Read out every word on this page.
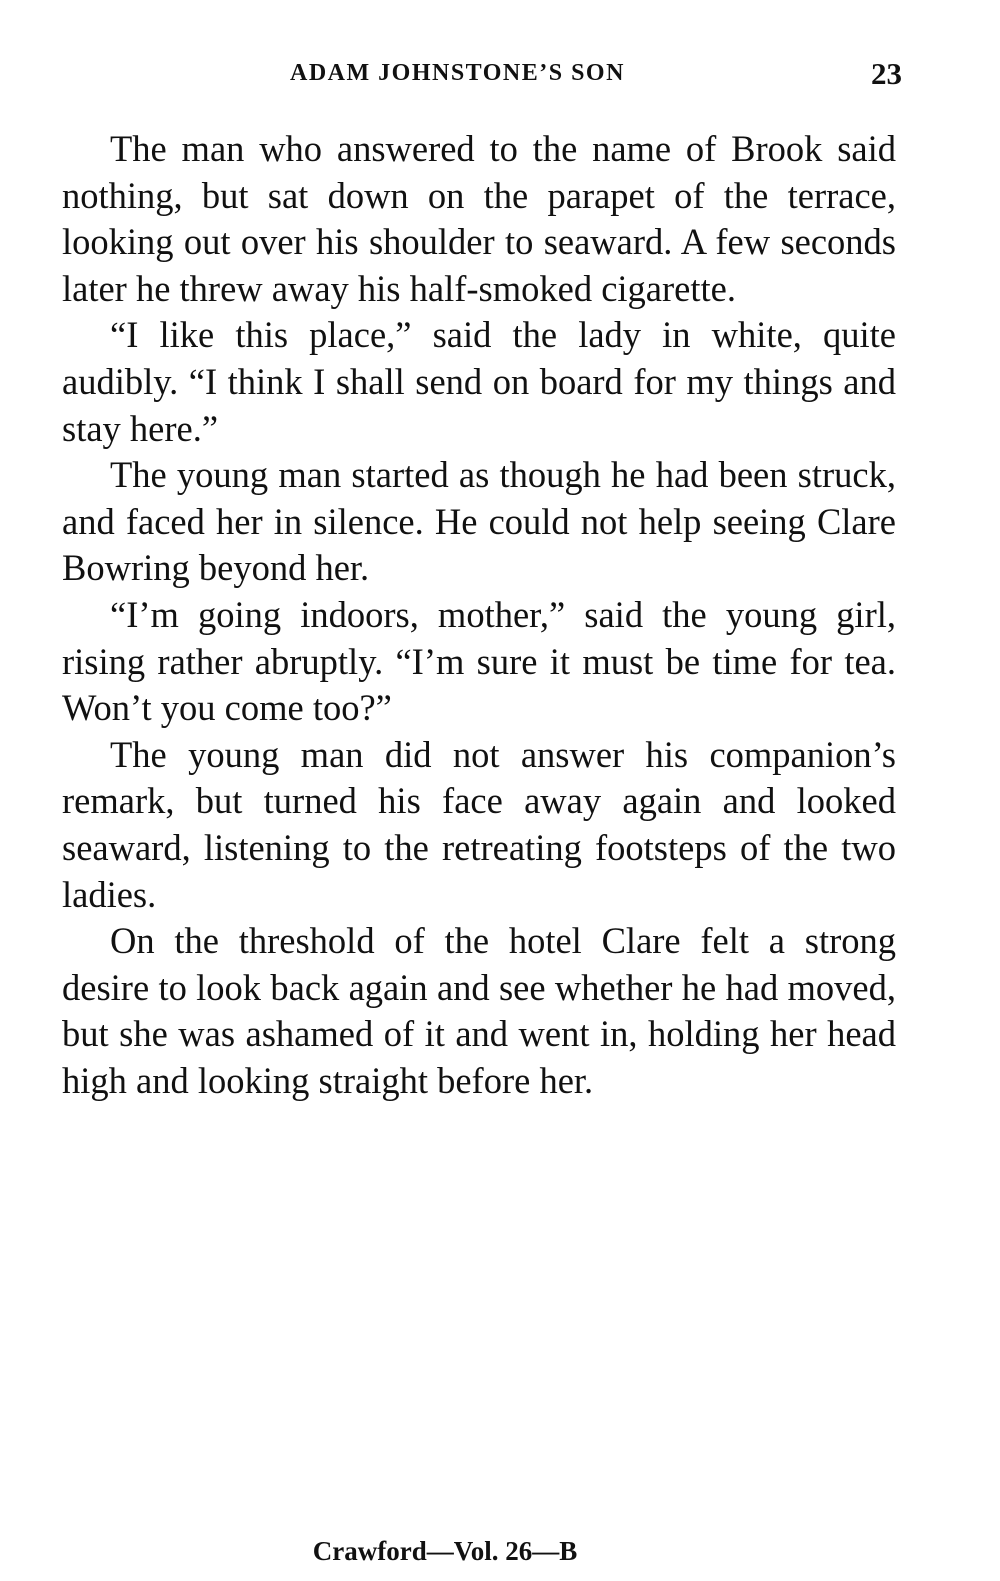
ADAM JOHNSTONE’S SON	23

The man who answered to the name of Brook said nothing, but sat down on the parapet of the terrace, looking out over his shoulder to seaward. A few seconds later he threw away his half-smoked cigarette.

“I like this place,” said the lady in white, quite audibly. “I think I shall send on board for my things and stay here.”

The young man started as though he had been struck, and faced her in silence. He could not help seeing Clare Bowring beyond her.

“I’m going indoors, mother,” said the young girl, rising rather abruptly. “I’m sure it must be time for tea. Won’t you come too?”

The young man did not answer his companion’s remark, but turned his face away again and looked seaward, listening to the retreating footsteps of the two ladies.

On the threshold of the hotel Clare felt a strong desire to look back again and see whether he had moved, but she was ashamed of it and went in, holding her head high and looking straight before her.

Crawford—Vol. 26—B
